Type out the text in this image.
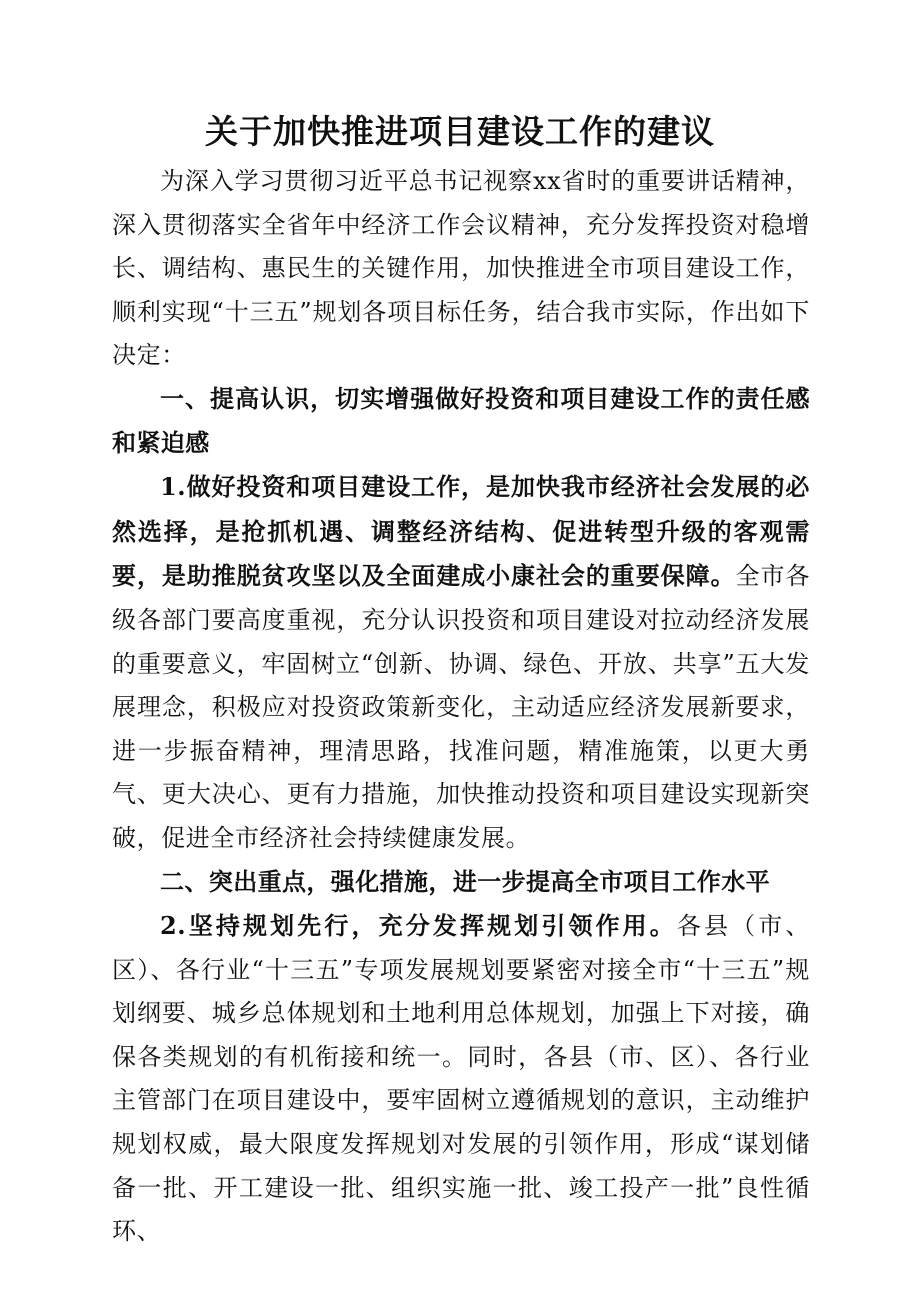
关于加快推进项目建设工作的建议

为深入学习贯彻习近平总书记视察xx省时的重要讲话精神，深入贯彻落实全省年中经济工作会议精神，充分发挥投资对稳增长、调结构、惠民生的关键作用，加快推进全市项目建设工作，顺利实现“十三五”规划各项目标任务，结合我市实际，作出如下决定：

一、提高认识，切实增强做好投资和项目建设工作的责任感和紧迫感

1.做好投资和项目建设工作，是加快我市经济社会发展的必然选择，是抢抓机遇、调整经济结构、促进转型升级的客观需要，是助推脱贫攻坚以及全面建成小康社会的重要保障。全市各级各部门要高度重视，充分认识投资和项目建设对拉动经济发展的重要意义，牢固树立“创新、协调、绿色、开放、共享”五大发展理念，积极应对投资政策新变化，主动适应经济发展新要求，进一步振奋精神，理清思路，找准问题，精准施策，以更大勇气、更大决心、更有力措施，加快推动投资和项目建设实现新突破，促进全市经济社会持续健康发展。

二、突出重点，强化措施，进一步提高全市项目工作水平

2.坚持规划先行，充分发挥规划引领作用。各县（市、区）、各行业“十三五”专项发展规划要紧密对接全市“十三五”规划纲要、城乡总体规划和土地利用总体规划，加强上下对接，确保各类规划的有机衔接和统一。同时，各县（市、区）、各行业主管部门在项目建设中，要牢固树立遵循规划的意识，主动维护规划权威，最大限度发挥规划对发展的引领作用，形成“谋划储备一批、开工建设一批、组织实施一批、竣工投产一批”良性循环、
